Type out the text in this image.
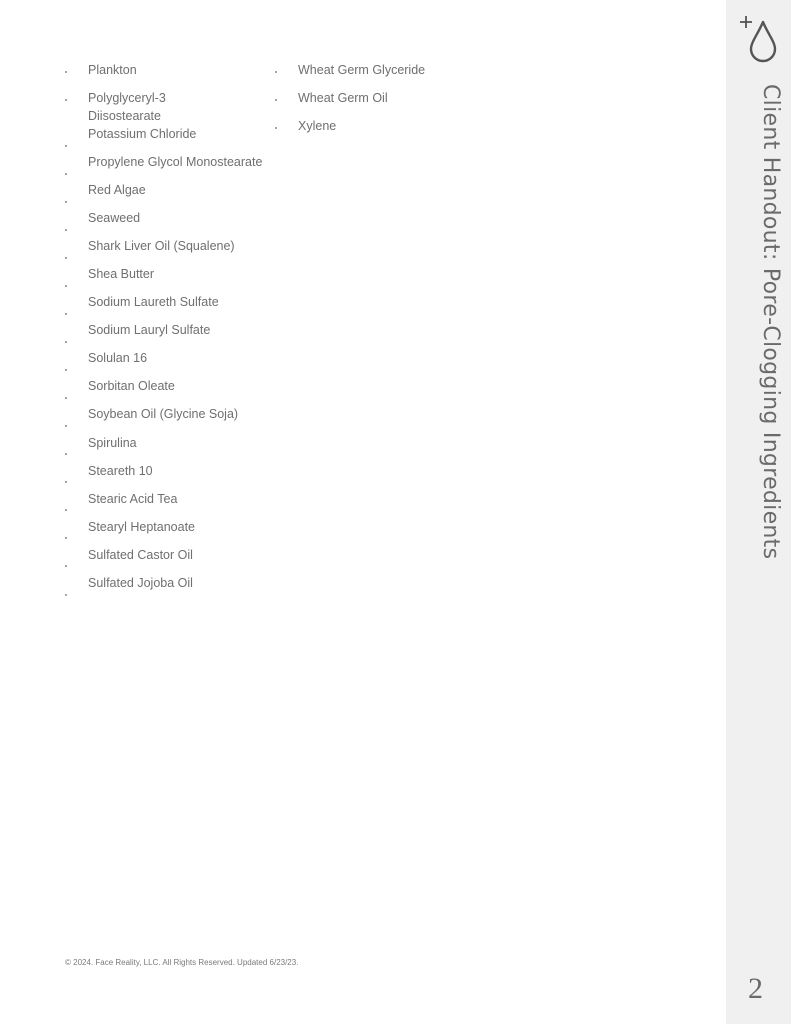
Plankton
Polyglyceryl-3 Diisostearate
Potassium Chloride
Propylene Glycol Monostearate
Red Algae
Seaweed
Shark Liver Oil (Squalene)
Shea Butter
Sodium Laureth Sulfate
Sodium Lauryl Sulfate
Solulan 16
Sorbitan Oleate
Soybean Oil (Glycine Soja)
Spirulina
Steareth 10
Stearic Acid Tea
Stearyl Heptanoate
Sulfated Castor Oil
Sulfated Jojoba Oil
Wheat Germ Glyceride
Wheat Germ Oil
Xylene
© 2024. Face Reality, LLC. All Rights Reserved. Updated 6/23/23.
Client Handout: Pore-Clogging Ingredients
2
